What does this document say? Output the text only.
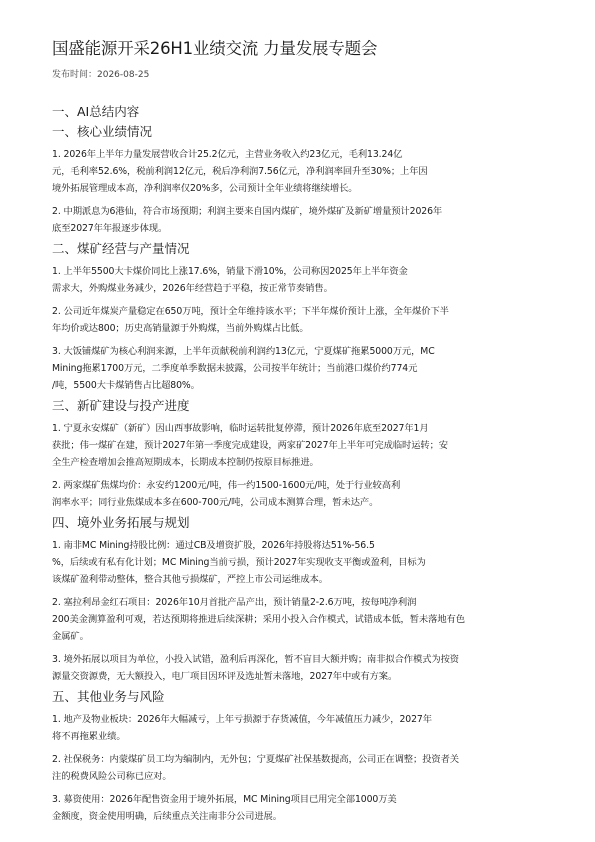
国盛能源开采26H1业绩交流 力量发展专题会
发布时间：2026-08-25
一、AI总结内容
一、核心业绩情况
1. 2026年上半年力量发展营收合计25.2亿元，主营业务收入约23亿元，毛利13.24亿
元，毛利率52.6%，税前利润12亿元，税后净利润7.56亿元，净利润率回升至30%；上年因
境外拓展管理成本高，净利润率仅20%多，公司预计全年业绩将继续增长。
2. 中期派息为6港仙，符合市场预期；利润主要来自国内煤矿，境外煤矿及新矿增量预计2026年
底至2027年年报逐步体现。
二、煤矿经营与产量情况
1. 上半年5500大卡煤价同比上涨17.6%，销量下滑10%，公司称因2025年上半年资金
需求大，外购煤业务减少，2026年经营趋于平稳，按正常节奏销售。
2. 公司近年煤炭产量稳定在650万吨，预计全年维持该水平；下半年煤价预计上涨，全年煤价下半
年均价或达800；历史高销量源于外购煤，当前外购煤占比低。
3. 大饭铺煤矿为核心利润来源，上半年贡献税前利润约13亿元，宁夏煤矿拖累5000万元，MC
Mining拖累1700万元，二季度单季数据未披露，公司按半年统计；当前港口煤价约774元
/吨，5500大卡煤销售占比超80%。
三、新矿建设与投产进度
1. 宁夏永安煤矿（新矿）因山西事故影响，临时运转批复停滞，预计2026年底至2027年1月
获批；伟一煤矿在建，预计2027年第一季度完成建设，两家矿2027年上半年可完成临时运转；安
全生产检查增加会推高短期成本，长期成本控制仍按原目标推进。
2. 两家煤矿焦煤均价：永安约1200元/吨，伟一约1500-1600元/吨，处于行业较高利
润率水平；同行业焦煤成本多在600-700元/吨，公司成本测算合理，暂未达产。
四、境外业务拓展与规划
1. 南非MC Mining持股比例：通过CB及增资扩股，2026年持股将达51%-56.5
%，后续或有私有化计划；MC Mining当前亏损，预计2027年实现收支平衡或盈利，目标为
该煤矿盈利带动整体，整合其他亏损煤矿，严控上市公司运维成本。
2. 塞拉利昂金红石项目：2026年10月首批产品产出，预计销量2-2.6万吨，按每吨净利润
200美金测算盈利可观，若达预期将推进后续深耕；采用小投入合作模式，试错成本低，暂未落地有色
金属矿。
3. 境外拓展以项目为单位，小投入试错，盈利后再深化，暂不盲目大额并购；南非拟合作模式为按资
源量交资源费，无大额投入，电厂项目因环评及选址暂未落地，2027年中或有方案。
五、其他业务与风险
1. 地产及物业板块：2026年大幅减亏，上年亏损源于存货减值，今年减值压力减少，2027年
将不再拖累业绩。
2. 社保税务：内蒙煤矿员工均为编制内，无外包；宁夏煤矿社保基数提高，公司正在调整；投资者关
注的税费风险公司称已应对。
3. 募资使用：2026年配售资金用于境外拓展，MC Mining项目已用完全部1000万美
金额度，资金使用明确，后续重点关注南非分公司进展。
